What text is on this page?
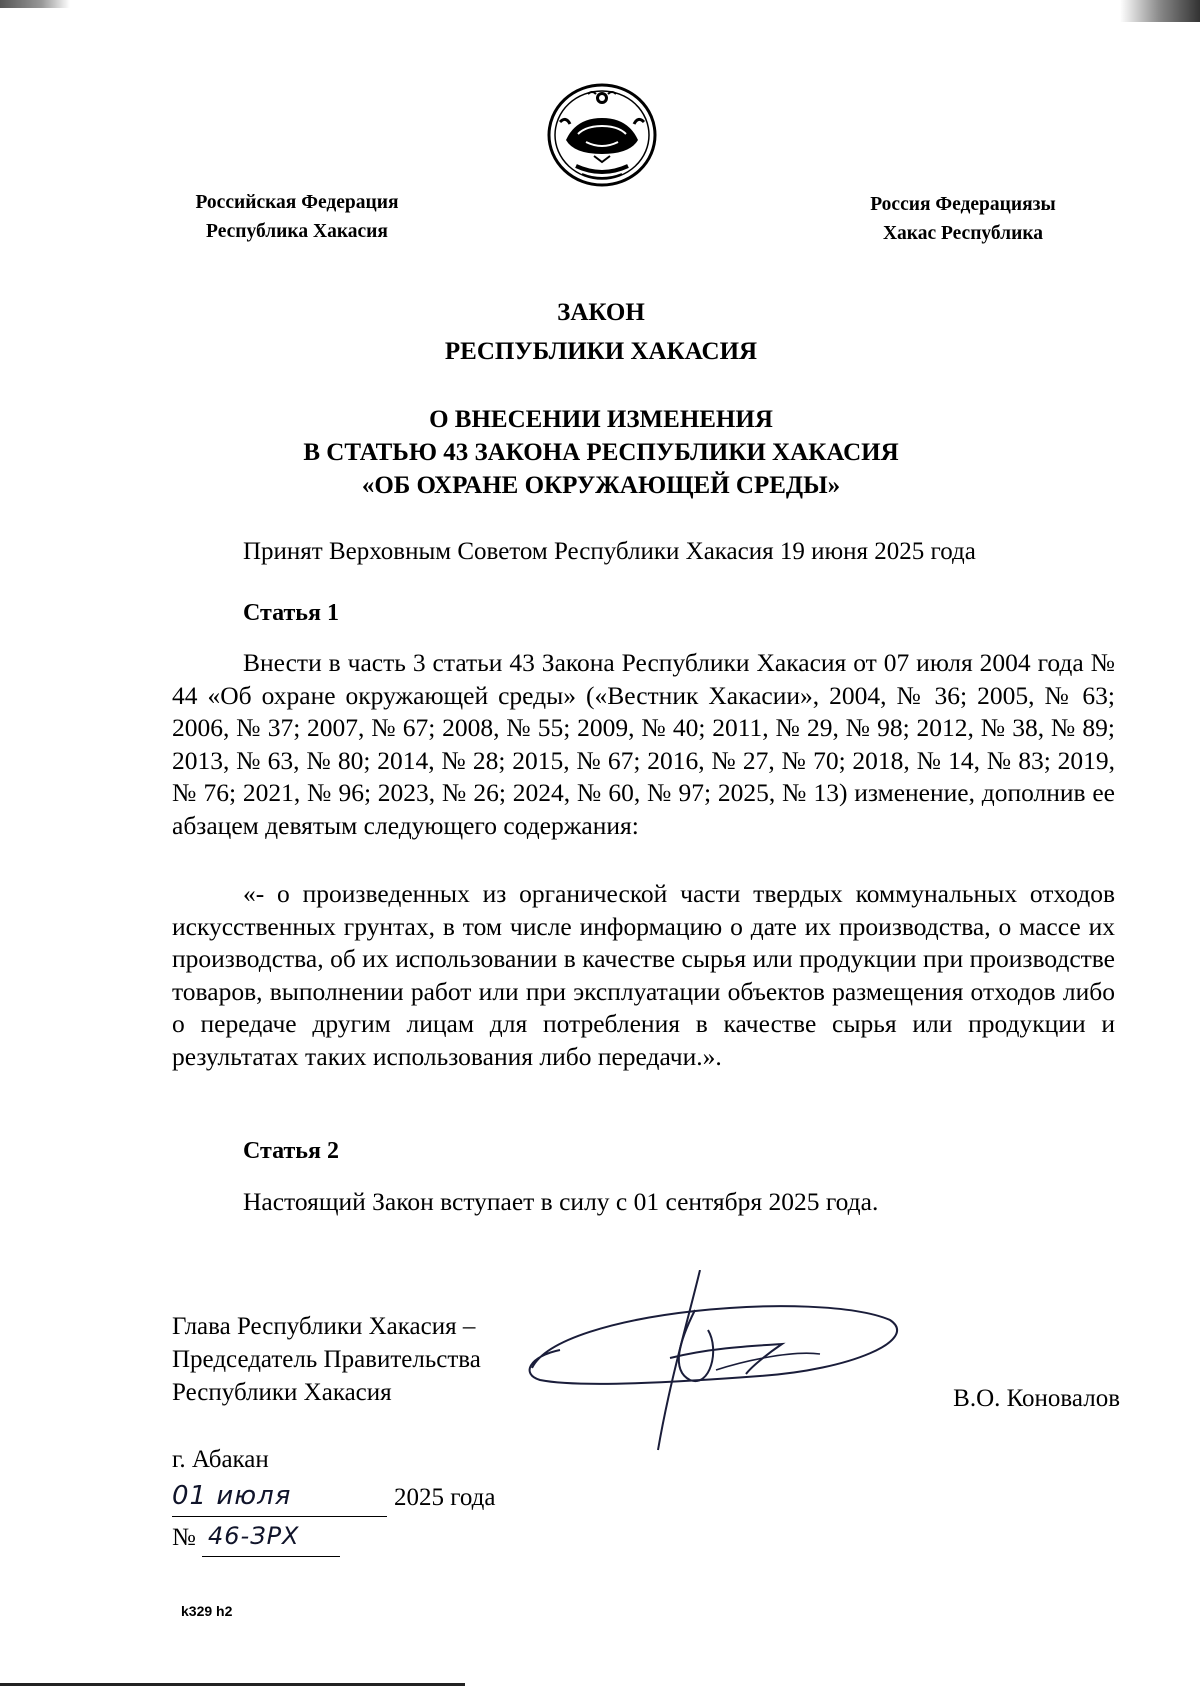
Российская Федерация
Республика Хакасия
Россия Федерациязы
Хакас Республика
ЗАКОН
РЕСПУБЛИКИ ХАКАСИЯ
О ВНЕСЕНИИ ИЗМЕНЕНИЯ
В СТАТЬЮ 43 ЗАКОНА РЕСПУБЛИКИ ХАКАСИЯ
«ОБ ОХРАНЕ ОКРУЖАЮЩЕЙ СРЕДЫ»
Принят Верховным Советом Республики Хакасия 19 июня 2025 года
Статья 1

Внести в часть 3 статьи 43 Закона Республики Хакасия от 07 июля 2004 года № 44 «Об охране окружающей среды» («Вестник Хакасии», 2004, № 36; 2005, № 63; 2006, № 37; 2007, № 67; 2008, № 55; 2009, № 40; 2011, № 29, № 98; 2012, № 38, № 89; 2013, № 63, № 80; 2014, № 28; 2015, № 67; 2016, № 27, № 70; 2018, № 14, № 83; 2019, № 76; 2021, № 96; 2023, № 26; 2024, № 60, № 97; 2025, № 13) изменение, дополнив ее абзацем девятым следующего содержания:

«- о произведенных из органической части твердых коммунальных отходов искусственных грунтах, в том числе информацию о дате их производства, о массе их производства, об их использовании в качестве сырья или продукции при производстве товаров, выполнении работ или при эксплуатации объектов размещения отходов либо о передаче другим лицам для потребления в качестве сырья или продукции и результатах таких использования либо передачи.».

Статья 2
Настоящий Закон вступает в силу с 01 сентября 2025 года.
Глава Республики Хакасия –
Председатель Правительства
Республики Хакасия	В.О. Коновалов
г. Абакан
01 июля	2025 года
№ 46-ЗРХ
k329 h2
